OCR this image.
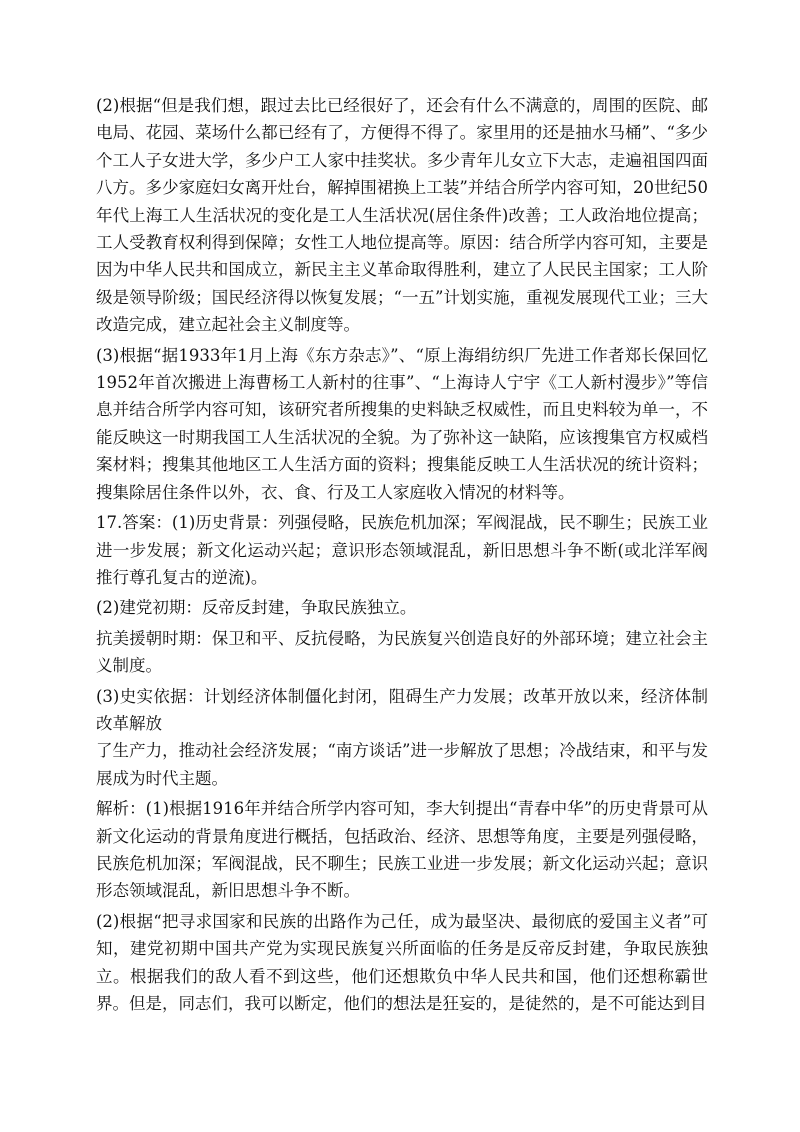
(2)根据“但是我们想，跟过去比已经很好了，还会有什么不满意的，周围的医院、邮电局、花园、菜场什么都已经有了，方便得不得了。家里用的还是抽水马桶”、“多少个工人子女进大学，多少户工人家中挂奖状。多少青年儿女立下大志，走遍祖国四面八方。多少家庭妇女离开灶台，解掉围裙换上工装”并结合所学内容可知，20世纪50年代上海工人生活状况的变化是工人生活状况(居住条件)改善；工人政治地位提高；工人受教育权利得到保障；女性工人地位提高等。原因：结合所学内容可知，主要是因为中华人民共和国成立，新民主主义革命取得胜利，建立了人民民主国家；工人阶级是领导阶级；国民经济得以恢复发展；“一五”计划实施，重视发展现代工业；三大改造完成，建立起社会主义制度等。

(3)根据“据1933年1月上海《东方杂志》”、“原上海绢纺织厂先进工作者郑长保回忆1952年首次搬进上海曹杨工人新村的往事”、“上海诗人宁宇《工人新村漫步》”等信息并结合所学内容可知，该研究者所搜集的史料缺乏权威性，而且史料较为单一，不能反映这一时期我国工人生活状况的全貌。为了弥补这一缺陷，应该搜集官方权威档案材料；搜集其他地区工人生活方面的资料；搜集能反映工人生活状况的统计资料；搜集除居住条件以外，衣、食、行及工人家庭收入情况的材料等。

17.答案：(1)历史背景：列强侵略，民族危机加深；军阀混战，民不聊生；民族工业进一步发展；新文化运动兴起；意识形态领域混乱，新旧思想斗争不断(或北洋军阀推行尊孔复古的逆流)。

(2)建党初期：反帝反封建，争取民族独立。

抗美援朝时期：保卫和平、反抗侵略，为民族复兴创造良好的外部环境；建立社会主义制度。

(3)史实依据：计划经济体制僵化封闭，阻碍生产力发展；改革开放以来，经济体制改革解放

了生产力，推动社会经济发展；“南方谈话”进一步解放了思想；冷战结束，和平与发展成为时代主题。

解析：(1)根据1916年并结合所学内容可知，李大钊提出“青春中华”的历史背景可从新文化运动的背景角度进行概括，包括政治、经济、思想等角度，主要是列强侵略，民族危机加深；军阀混战，民不聊生；民族工业进一步发展；新文化运动兴起；意识形态领域混乱，新旧思想斗争不断。

(2)根据“把寻求国家和民族的出路作为己任，成为最坚决、最彻底的爱国主义者”可知，建党初期中国共产党为实现民族复兴所面临的任务是反帝反封建，争取民族独立。根据我们的敌人看不到这些，他们还想欺负中华人民共和国，他们还想称霸世界。但是，同志们，我可以断定，他们的想法是狂妄的，是徒然的，是不可能达到目
